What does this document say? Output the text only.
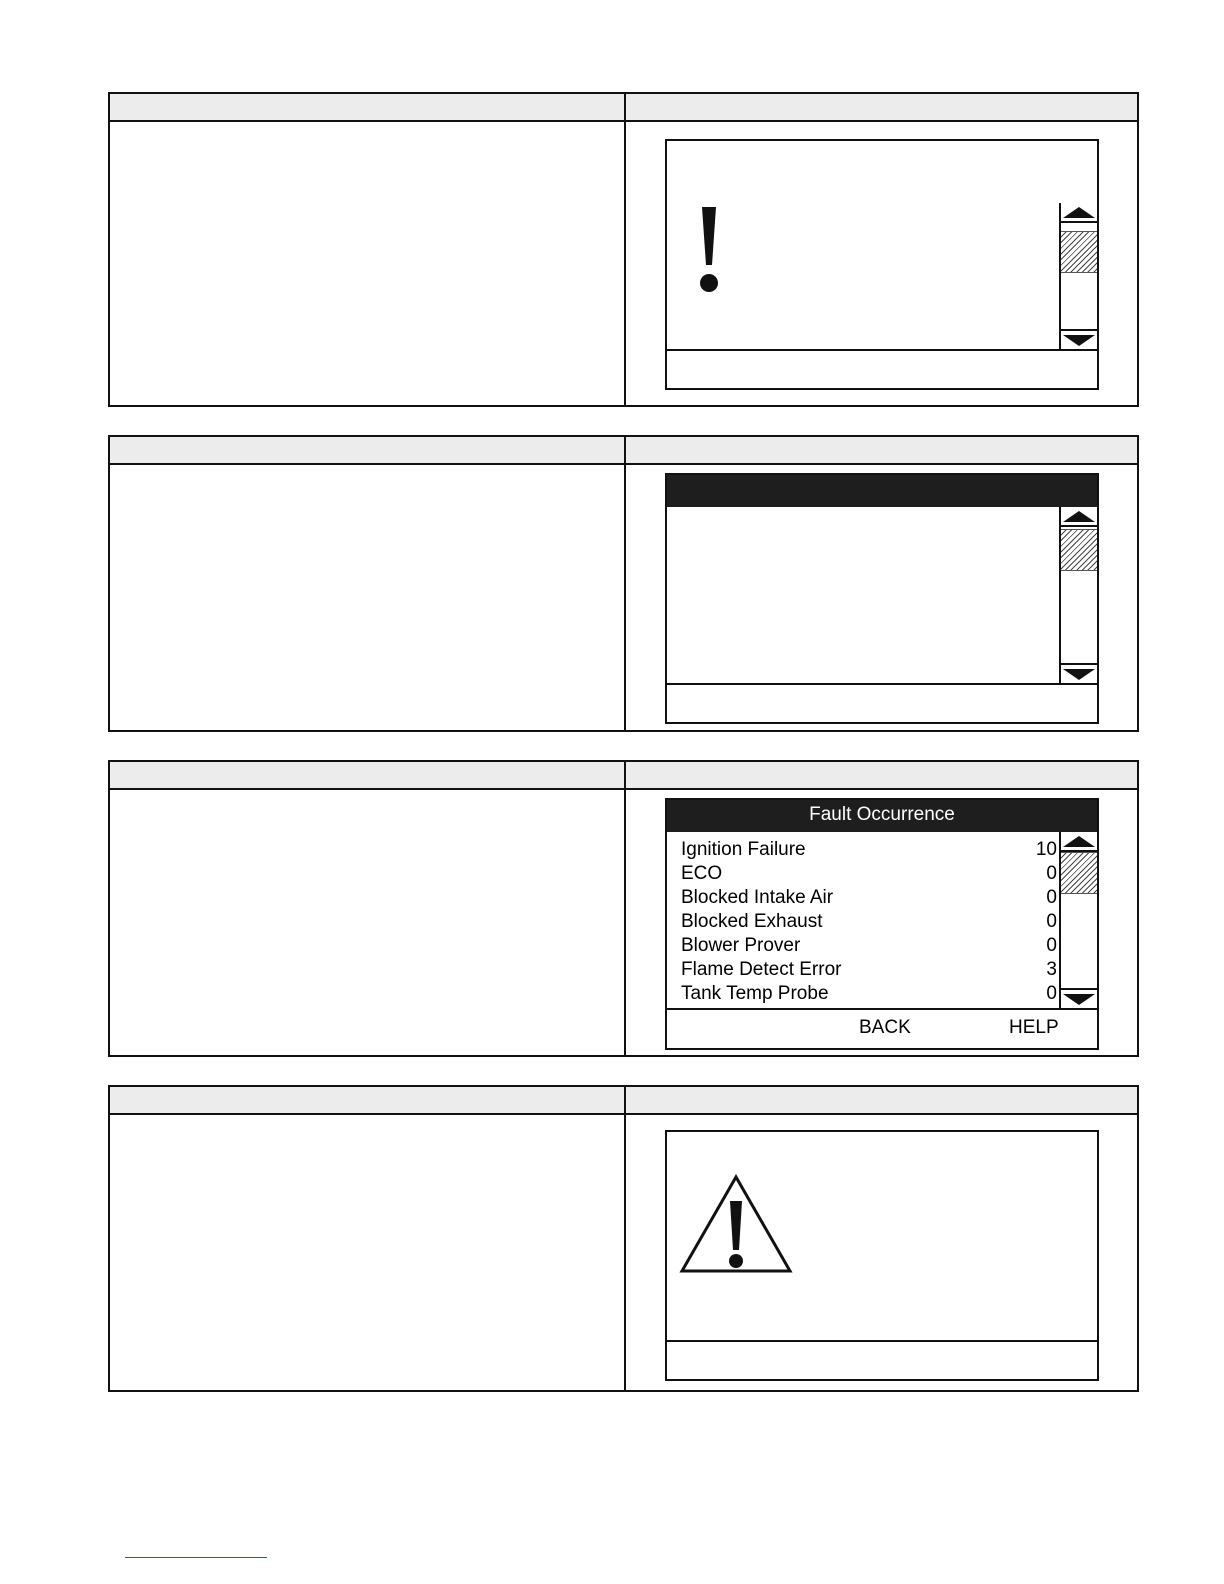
Fault Occurrence
Ignition Failure	10
ECO	0
Blocked Intake Air	0
Blocked Exhaust	0
Blower Prover	0
Flame Detect Error	3
Tank Temp Probe	0
BACK	HELP
